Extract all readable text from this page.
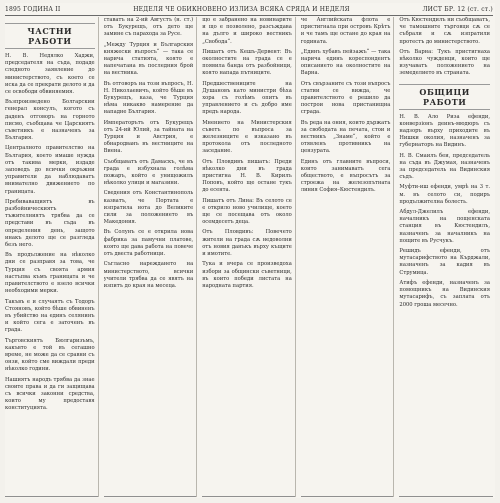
1895 ГОДИНА II	НЕДЕЛЯ ЧЕ ОБИКНОВЕНО ИЗЛИЗА ВСЯКА СРЯДА И НЕДЕЛЯ	ЛИСТ БР. 12 (ст. ст.)
ЧАСТНИ РАБОТИ
Н. В. Недялко Хаджи, председателя на съда, подаде следното заявление до министерството, съ което се иска да се прекрати делото и да се освободи обвиняемия.
Възпроизведено Болгарскии генерал консулъ, когото съ даденъ отговоръ на горното писмо, съобщава че Царскиятъ съветникъ е назначенъ за България.
Централното правителство на България, което имаше нужда отъ такива мерки, издаде заповедъ до всички окръжни управители да наблюдаватъ внимателно движението по границата.
Пребиваващиятъ въ разбойническиятъ тъжителниятъ трябва да се представи въ съда въ определения день, защото инакъ делото ще се разгледа безъ него.
Въ продължение на нѣколко дни се разправя за това, че Турция съ своята армия настъпва къмъ границата и че правителството е взело всички необходими мерки.
Такъвъ е и случаятъ съ Тодоръ Стояновъ, който бѣше обвиненъ въ убийство на единъ селянинъ и който сега е заточенъ въ града.
Търговскиятъ Бюлгаризъмъ, какъвто е той въ сегашно време, не може да се сравни съ онзи, който сме виждали преди нѣколко години.
Нашиятъ народъ трябва да знае своите права и да ги защищава съ всички законни средства, които му предоставя конституцията.
ставатъ на 2-ий Августъ (н. ст.) отъ Букурещъ, отъ дето ще замине съ парахода за Русе.
„Между Турция и Българския княжески въпросъ“ — така се нарича статията, която е напечатана въ последния брой на вестника.
Въ отговоръ на този въпросъ, Н. Н. Николаевичъ, който бѣше въ Букурещъ, каза, че Турция нѣма никакво намерение да нападне България.
Императорътъ отъ Букурещъ отъ 24-ий Юлий, за тайната на Турция и Австрия, е обнародванъ въ вестниците на Виена.
Съобщаватъ отъ Дамаскъ, че въ града е избухнала голѣма пожаръ, който е унищожилъ нѣколко улици и магазини.
Сведения отъ Константинополь казватъ, че Портата е изпратила нота до Великите сили за положението въ Македония.
Въ Солунъ се е открила нова фабрика за памучни платове, която ще дава работа на повече отъ двеста работници.
Съгласно нареждането на министерството, всички учители трябва да се явятъ на изпитъ до края на месеца.
що е забранено на новинарите и що е позволено, разсъждава на дълго и широко вестникъ „Свобода“.
Пишатъ отъ Кешъ-Дервент: Въ околностите на града се е появила банда отъ разбойници, която напада пътниците.
Предшествениците на Душановъ като министри бѣха хора съ голѣмъ опитъ въ управлението и съ добро име предъ народа.
Мнението на Министерския съветъ по въпроса за железниците е изказано въ протокола отъ последното заседание.
Отъ Пловдивъ пишатъ: Преди нѣколко дни въ града пристигна Н. В. Кирилъ Поповъ, който ще остане тукъ до есента.
Пишатъ отъ Лина: Въ селото се е открило ново училище, което ще се посещава отъ около осемдесетъ деца.
Отъ Пловдивъ: Повечето жители на града сѫ недоволни отъ новия данъкъ върху къщите и имотите.
Тука и вчера се произведоха избори за общински съветници, въ които победи листата на народната партия.
че Английската флота е пристигнала при островъ Крѣтъ и че тамъ ще остане до края на годината.
„Единъ хубавъ пейзажъ“ — така нарича единъ кореспондентъ описанието на околностите на Варна.
Отъ свързаните съ този въпросъ статии се вижда, че правителството е решило да построи нова пристанищна сграда.
Въ реда на ония, които държатъ за свободата на печата, стои и вестникъ „Знаме“, който е отявленъ противникъ на цензурата.
Единъ отъ главните въпроси, които занимаватъ сега обществото, е въпросътъ за строежа на железопътната линия София–Кюстендилъ.
Отъ Кюстендилъ ни съобщаватъ, че тамошните търговци сѫ се събрали и сѫ изпратили протестъ до министерството.
Отъ Варна: Тукъ пристигнаха нѣколко чужденци, които ще изучаватъ положението на земеделието въ страната.
ОБЩИЦИ РАБОТИ
Н. В. Ало Риза ефенди, конверзіонъ деинъ-мюдюръ съ надзоръ върху приходите въ Нишки околия, назначенъ за губернаторъ на Видинъ.
Н. В. Смаилъ беи, председатель на съда въ Джумая, назначенъ за председатель на Видинския съдъ.
Муфти-иш ефенди, умрѣ на 3 т. м. въ селото си, подиръ продължителна болесть.
Абдул-Джелилъ ефенди, началникъ на пощенската станция въ Кюстендилъ, назначенъ за началникъ на пощите въ Русчукъ.
Решидъ ефенди, отъ мутасарифството на Кърджали, назначенъ за кадия въ Струмица.
Атифъ ефенди, назначенъ за помощникъ на Видинския мутасарифъ, съ заплата отъ 2000 гроша месечно.
